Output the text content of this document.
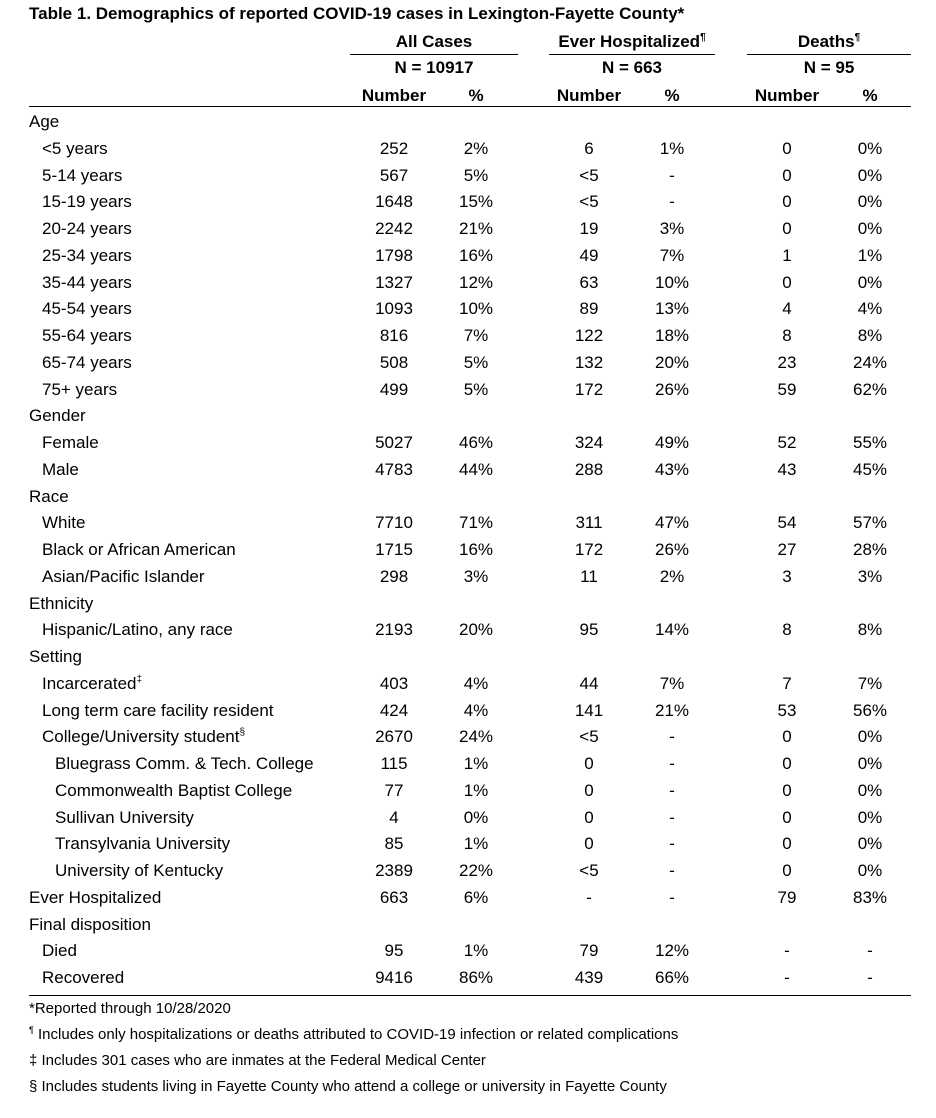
Table 1. Demographics of reported COVID-19 cases in Lexington-Fayette County*
All Cases
N = 10917
Ever Hospitalized¶
N = 663
Deaths¶
N = 95
Number	%	Number	%	Number	%
Age
<5 years	252	2%	6	1%	0	0%
5-14 years	567	5%	<5	-	0	0%
15-19 years	1648	15%	<5	-	0	0%
20-24 years	2242	21%	19	3%	0	0%
25-34 years	1798	16%	49	7%	1	1%
35-44 years	1327	12%	63	10%	0	0%
45-54 years	1093	10%	89	13%	4	4%
55-64 years	816	7%	122	18%	8	8%
65-74 years	508	5%	132	20%	23	24%
75+ years	499	5%	172	26%	59	62%
Gender
Female	5027	46%	324	49%	52	55%
Male	4783	44%	288	43%	43	45%
Race
White	7710	71%	311	47%	54	57%
Black or African American	1715	16%	172	26%	27	28%
Asian/Pacific Islander	298	3%	11	2%	3	3%
Ethnicity
Hispanic/Latino, any race	2193	20%	95	14%	8	8%
Setting
Incarcerated‡	403	4%	44	7%	7	7%
Long term care facility resident	424	4%	141	21%	53	56%
College/University student§	2670	24%	<5	-	0	0%
Bluegrass Comm. & Tech. College	115	1%	0	-	0	0%
Commonwealth Baptist College	77	1%	0	-	0	0%
Sullivan University	4	0%	0	-	0	0%
Transylvania University	85	1%	0	-	0	0%
University of Kentucky	2389	22%	<5	-	0	0%
Ever Hospitalized	663	6%	-	-	79	83%
Final disposition
Died	95	1%	79	12%	-	-
Recovered	9416	86%	439	66%	-	-
*Reported through 10/28/2020
¶ Includes only hospitalizations or deaths attributed to COVID-19 infection or related complications
‡ Includes 301 cases who are inmates at the Federal Medical Center
§ Includes students living in Fayette County who attend a college or university in Fayette County
